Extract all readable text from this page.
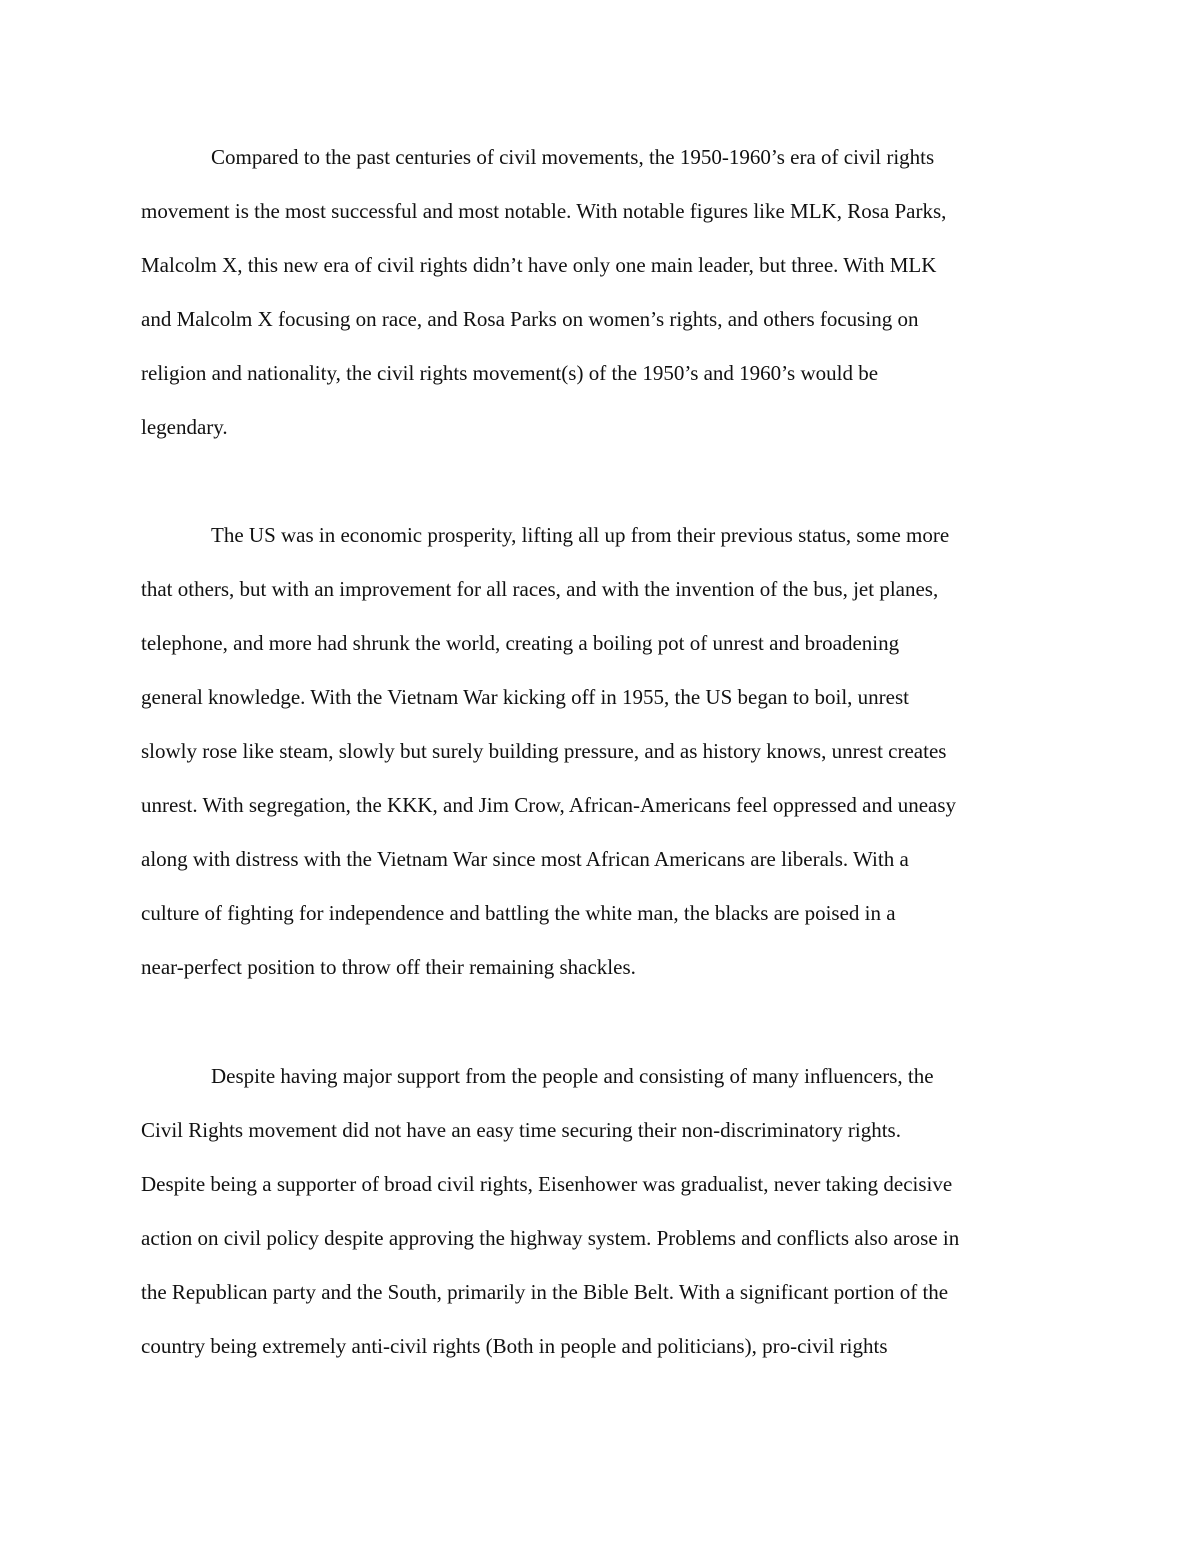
Compared to the past centuries of civil movements, the 1950-1960’s era of civil rights
movement is the most successful and most notable. With notable figures like MLK, Rosa Parks,
Malcolm X, this new era of civil rights didn’t have only one main leader, but three. With MLK
and Malcolm X focusing on race, and Rosa Parks on women’s rights, and others focusing on
religion and nationality, the civil rights movement(s) of the 1950’s and 1960’s would be
legendary.
The US was in economic prosperity, lifting all up from their previous status, some more
that others, but with an improvement for all races, and with the invention of the bus, jet planes,
telephone, and more had shrunk the world, creating a boiling pot of unrest and broadening
general knowledge. With the Vietnam War kicking off in 1955, the US began to boil, unrest
slowly rose like steam, slowly but surely building pressure, and as history knows, unrest creates
unrest. With segregation, the KKK, and Jim Crow, African-Americans feel oppressed and uneasy
along with distress with the Vietnam War since most African Americans are liberals. With a
culture of fighting for independence and battling the white man, the blacks are poised in a
near-perfect position to throw off their remaining shackles.
Despite having major support from the people and consisting of many influencers, the
Civil Rights movement did not have an easy time securing their non-discriminatory rights.
Despite being a supporter of broad civil rights, Eisenhower was gradualist, never taking decisive
action on civil policy despite approving the highway system. Problems and conflicts also arose in
the Republican party and the South, primarily in the Bible Belt. With a significant portion of the
country being extremely anti-civil rights (Both in people and politicians), pro-civil rights
